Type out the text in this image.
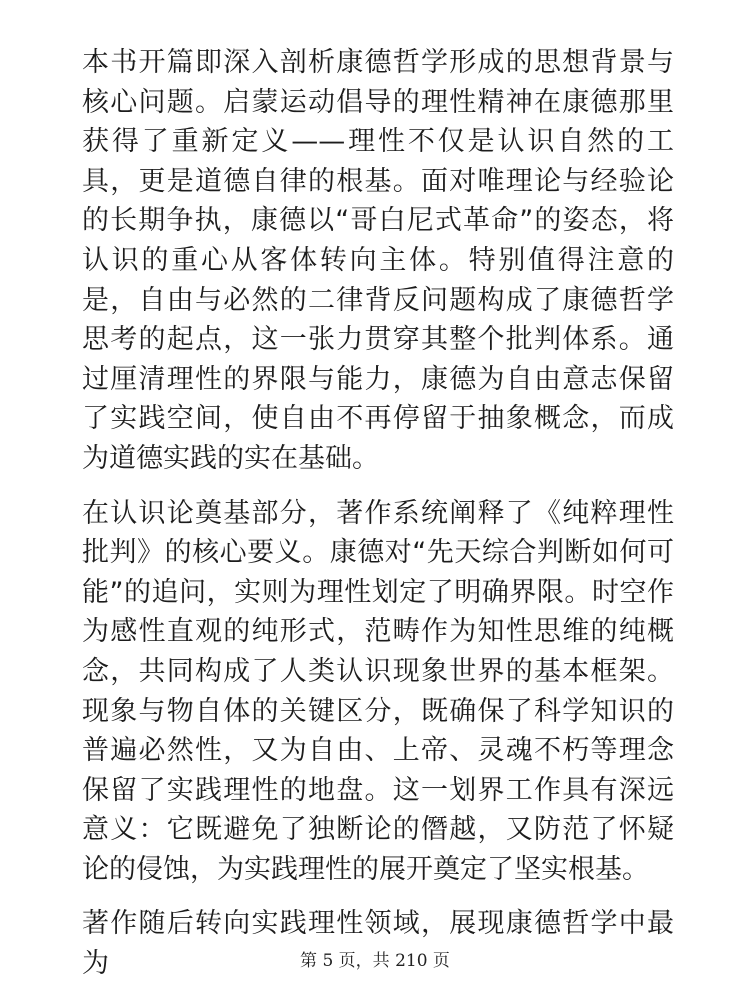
本书开篇即深入剖析康德哲学形成的思想背景与核心问题。启蒙运动倡导的理性精神在康德那里获得了重新定义——理性不仅是认识自然的工具，更是道德自律的根基。面对唯理论与经验论的长期争执，康德以“哥白尼式革命”的姿态，将认识的重心从客体转向主体。特别值得注意的是，自由与必然的二律背反问题构成了康德哲学思考的起点，这一张力贯穿其整个批判体系。通过厘清理性的界限与能力，康德为自由意志保留了实践空间，使自由不再停留于抽象概念，而成为道德实践的实在基础。

在认识论奠基部分，著作系统阐释了《纯粹理性批判》的核心要义。康德对“先天综合判断如何可能”的追问，实则为理性划定了明确界限。时空作为感性直观的纯形式，范畴作为知性思维的纯概念，共同构成了人类认识现象世界的基本框架。现象与物自体的关键区分，既确保了科学知识的普遍必然性，又为自由、上帝、灵魂不朽等理念保留了实践理性的地盘。这一划界工作具有深远意义：它既避免了独断论的僭越，又防范了怀疑论的侵蚀，为实践理性的展开奠定了坚实根基。

著作随后转向实践理性领域，展现康德哲学中最为	第 5 页，共 210 页
